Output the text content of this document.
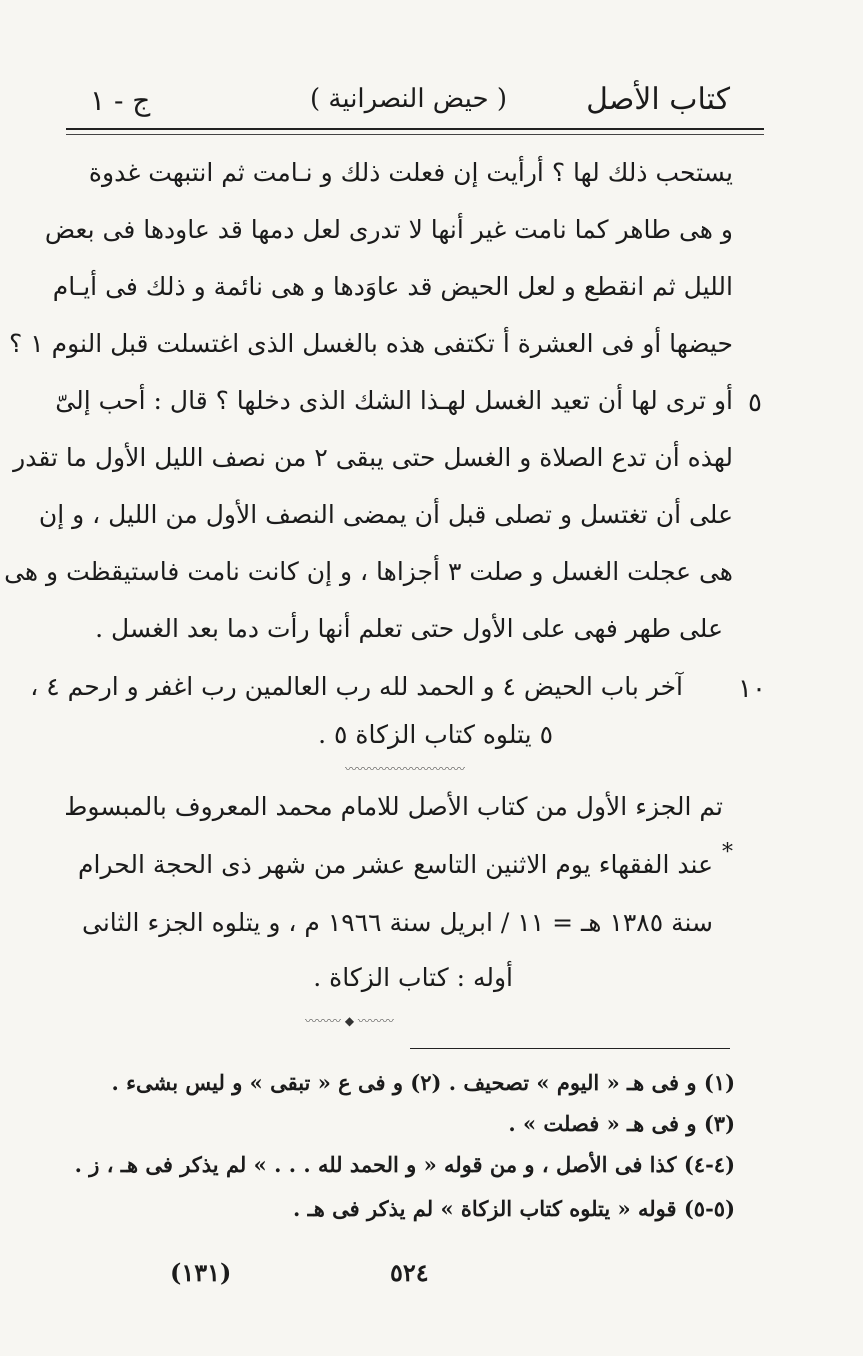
كتاب الأصل
( حيض النصرانية )
ج - ١
يستحب ذلك لها ؟ أرأيت إن فعلت ذلك و نـامت ثم انتبهت غدوة
و هى طاهر كما نامت غير أنها لا تدرى لعل دمها قد عاودها فى بعض
الليل ثم انقطع و لعل الحيض قد عاوَدها و هى نائمة و ذلك فى أيـام
حيضها أو فى العشرة أ تكتفى هذه بالغسل الذى اغتسلت قبل النوم ١ ؟
٥
أو ترى لها أن تعيد الغسل لهـذا الشك الذى دخلها ؟ قال : أحب إلىّ
لهذه أن تدع الصلاة و الغسل حتى يبقى ٢ من نصف الليل الأول ما تقدر
على أن تغتسل و تصلى قبل أن يمضى النصف الأول من الليل ، و إن
هى عجلت الغسل و صلت ٣ أجزاها ، و إن كانت نامت فاستيقظت و هى
على طهر فهى على الأول حتى تعلم أنها رأت دما بعد الغسل .
١٠
آخر باب الحيض ٤ و الحمد لله رب العالمين رب اغفر و ارحم ٤ ،
٥ يتلوه كتاب الزكاة ٥ .
〰〰〰〰〰〰〰〰〰〰
تم الجزء الأول من كتاب الأصل للامام محمد المعروف بالمبسوط
*
عند الفقهاء يوم الاثنين التاسع عشر من شهر ذى الحجة الحرام
سنة ١٣٨٥ هـ = ١١ / ابريل سنة ١٩٦٦ م ، و يتلوه الجزء الثانى
أوله : كتاب الزكاة .
〰〰〰 ◆ 〰〰〰
(١) و فى هـ « اليوم » تصحيف . (٢) و فى ع « تبقى » و ليس بشىء .
(٣) و فى هـ « فصلت » .
(٤-٤) كذا فى الأصل ، و من قوله « و الحمد لله . . . » لم يذكر فى هـ ، ز .
(٥-٥) قوله « يتلوه كتاب الزكاة » لم يذكر فى هـ .
٥٢٤
(١٣١)
